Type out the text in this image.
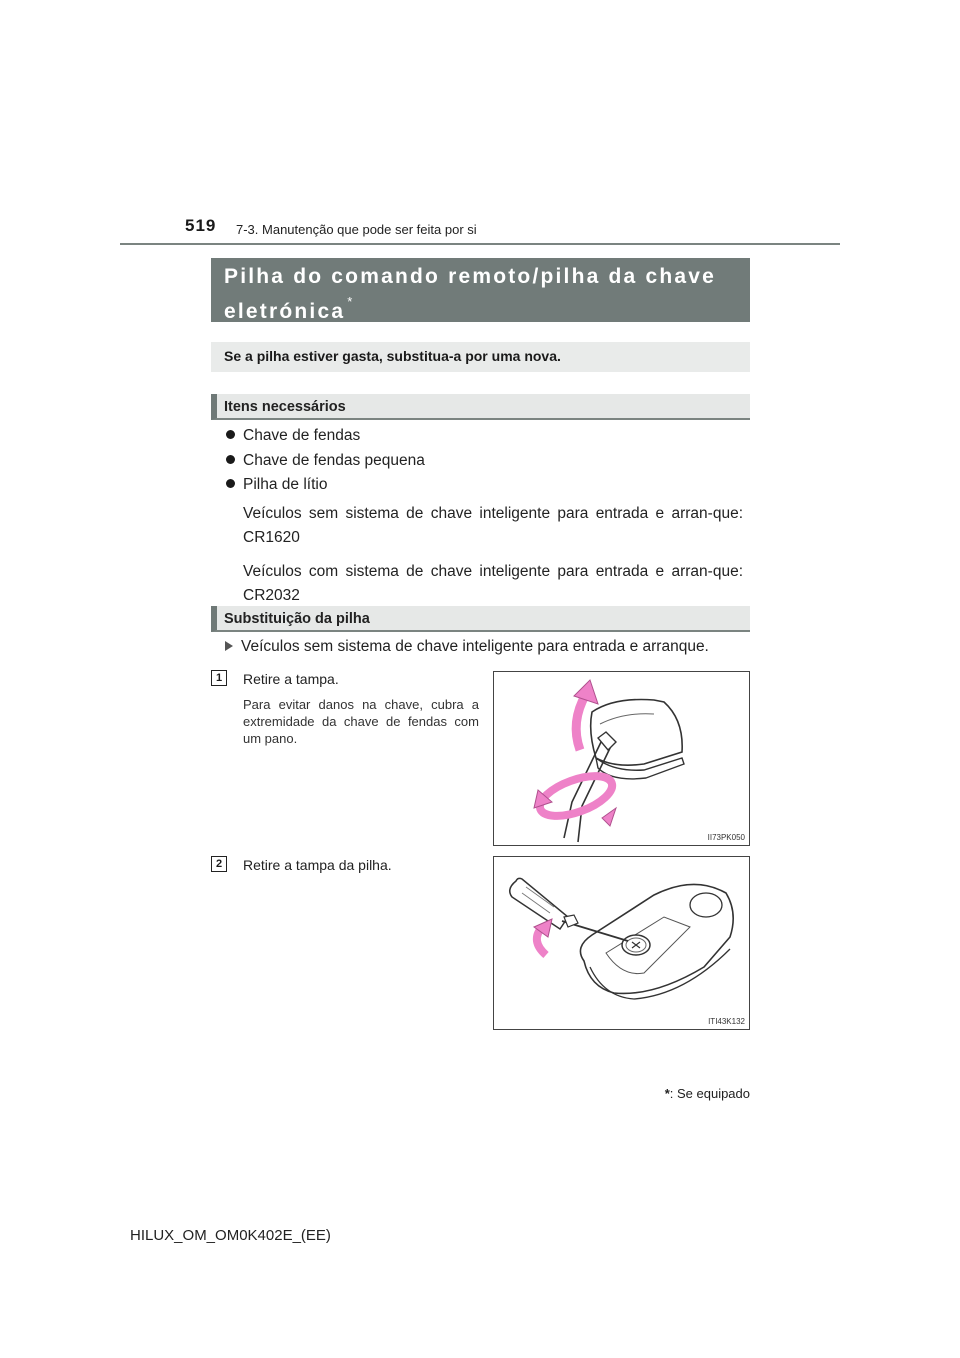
519 7-3. Manutenção que pode ser feita por si
Pilha do comando remoto/pilha da chave
eletrónica *
Se a pilha estiver gasta, substitua-a por uma nova.
Itens necessários
Chave de fendas
Chave de fendas pequena
Pilha de lítio
Veículos sem sistema de chave inteligente para entrada e arran-que: CR1620
Veículos com sistema de chave inteligente para entrada e arran-que: CR2032
Substituição da pilha
Veículos sem sistema de chave inteligente para entrada e arranque.
1	Retire a tampa.
Para evitar danos na chave, cubra a extremidade da chave de fendas com um pano.
II73PK050
2	Retire a tampa da pilha.
ITI43K132
*: Se equipado
HILUX_OM_OM0K402E_(EE)
